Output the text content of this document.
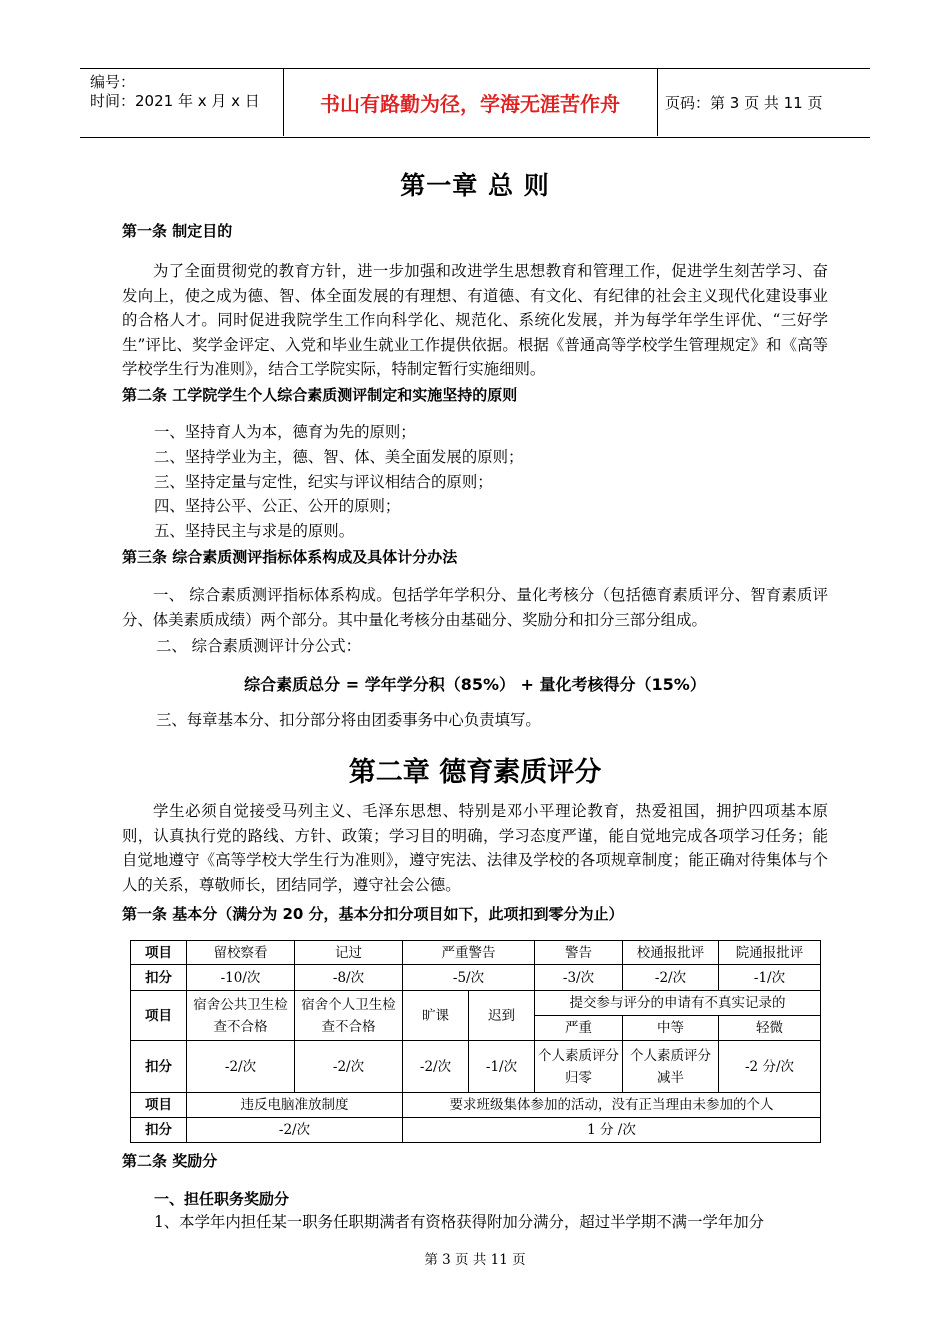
编号：
时间：2021 年 x 月 x 日	书山有路勤为径，学海无涯苦作舟	页码：第 3 页 共 11 页
第一章 总 则
第一条 制定目的
为了全面贯彻党的教育方针，进一步加强和改进学生思想教育和管理工作，促进学生刻苦学习、奋发向上，使之成为德、智、体全面发展的有理想、有道德、有文化、有纪律的社会主义现代化建设事业的合格人才。同时促进我院学生工作向科学化、规范化、系统化发展，并为每学年学生评优、“三好学生”评比、奖学金评定、入党和毕业生就业工作提供依据。根据《普通高等学校学生管理规定》和《高等学校学生行为准则》，结合工学院实际，特制定暂行实施细则。
第二条 工学院学生个人综合素质测评制定和实施坚持的原则
一、坚持育人为本，德育为先的原则；
二、坚持学业为主，德、智、体、美全面发展的原则；
三、坚持定量与定性，纪实与评议相结合的原则；
四、坚持公平、公正、公开的原则；
五、坚持民主与求是的原则。
第三条 综合素质测评指标体系构成及具体计分办法
一、 综合素质测评指标体系构成。包括学年学积分、量化考核分（包括德育素质评分、智育素质评分、体美素质成绩）两个部分。其中量化考核分由基础分、奖励分和扣分三部分组成。
二、 综合素质测评计分公式：
综合素质总分 = 学年学分积（85%） + 量化考核得分（15%）
三、每章基本分、扣分部分将由团委事务中心负责填写。
第二章 德育素质评分
学生必须自觉接受马列主义、毛泽东思想、特别是邓小平理论教育，热爱祖国，拥护四项基本原则，认真执行党的路线、方针、政策；学习目的明确，学习态度严谨，能自觉地完成各项学习任务；能自觉地遵守《高等学校大学生行为准则》，遵守宪法、法律及学校的各项规章制度；能正确对待集体与个人的关系，尊敬师长，团结同学，遵守社会公德。
第一条 基本分（满分为 20 分，基本分扣分项目如下，此项扣到零分为止）
项目	留校察看	记过	严重警告		警告	校通报批评	院通报批评
扣分	-10/次	-8/次	-5/次		-3/次	-2/次	-1/次
项目	宿舍公共卫生检查不合格	宿舍个人卫生检查不合格	旷课	迟到	提交参与评分的申请有不真实记录的		
					严重	中等	轻微
扣分	-2/次	-2/次	-2/次	-1/次	个人素质评分归零	个人素质评分减半	-2 分/次
项目	违反电脑准放制度		要求班级集体参加的活动，没有正当理由未参加的个人				
扣分	-2/次		1 分 /次				
第二条 奖励分
一、担任职务奖励分
1、本学年内担任某一职务任职期满者有资格获得附加分满分，超过半学期不满一学年加分
第 3 页 共 11 页
